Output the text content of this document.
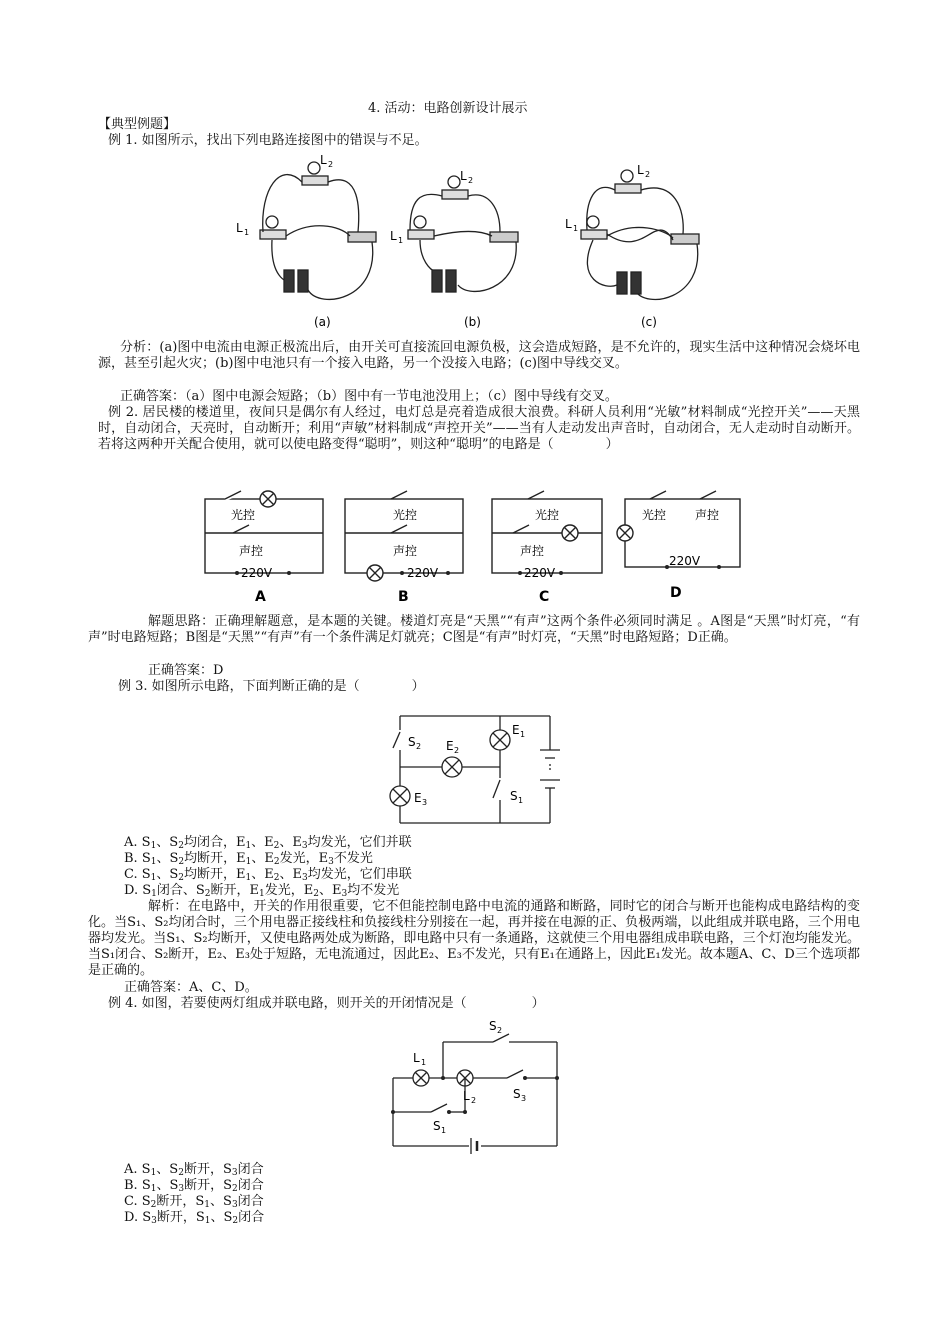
4. 活动：电路创新设计展示
【典型例题】
例 1. 如图所示，找出下列电路连接图中的错误与不足。
L 2
L 1
(a)
L 2
L 1
(b)
L 2
L 1
(c)
分析：(a)图中电流由电源正极流出后，由开关可直接流回电源负极，这会造成短路，是不允许的，现实生活中这种情况会烧坏电源，甚至引起火灾；(b)图中电池只有一个接入电路，另一个没接入电路；(c)图中导线交叉。
正确答案：（a）图中电源会短路；（b）图中有一节电池没用上；（c）图中导线有交叉。
例 2. 居民楼的楼道里，夜间只是偶尔有人经过，电灯总是亮着造成很大浪费。科研人员利用“光敏”材料制成“光控开关”——天黑时，自动闭合，天亮时，自动断开；利用“声敏”材料制成“声控开关”——当有人走动发出声音时，自动闭合，无人走动时自动断开。若将这两种开关配合使用，就可以使电路变得“聪明”，则这种“聪明”的电路是（　　　　）
光控
声控
220V
光控
声控
220V
光控
声控
220V
光控 声控
220V
A	B	C	D
解题思路：正确理解题意，是本题的关键。楼道灯亮是“天黑”“有声”这两个条件必须同时满足 。A图是“天黑”时灯亮，“有声”时电路短路；B图是“天黑”“有声”有一个条件满足灯就亮；C图是“有声”时灯亮，“天黑”时电路短路；D正确。
正确答案：D
例 3. 如图所示电路，下面判断正确的是（　　　　）
S 2 E 2
E 1
E 3	S 1
A. $S_1$、$S_2$均闭合，$E_1$、$E_2$、$E_3$均发光，它们并联
B. $S_1$、$S_2$均断开，$E_1$、$E_2$发光，$E_3$不发光
C. $S_1$、$S_2$均断开，$E_1$、$E_2$、$E_3$均发光，它们串联
D. $S_1$闭合、$S_2$断开，$E_1$发光，$E_2$、$E_3$均不发光
解析：在电路中，开关的作用很重要，它不但能控制电路中电流的通路和断路，同时它的闭合与断开也能构成电路结构的变化。当S₁、S₂均闭合时，三个用电器正接线柱和负接线柱分别接在一起，再并接在电源的正、负极两端，以此组成并联电路，三个用电器均发光。当S₁、S₂均断开，又使电路两处成为断路，即电路中只有一条通路，这就使三个用电器组成串联电路，三个灯泡均能发光。当S₁闭合、S₂断开，E₂、E₃处于短路，无电流通过，因此E₂、E₃不发光，只有E₁在通路上，因此E₁发光。故本题A、C、D三个选项都是正确的。
正确答案：A、C、D。
例 4. 如图，若要使两灯组成并联电路，则开关的开闭情况是（　　　　　）
S 2
L 1
L 2	S 3
S 1
A. $S_1$、$S_2$断开，$S_3$闭合
B. $S_1$、$S_3$断开，$S_2$闭合
C. $S_2$断开，$S_1$、$S_3$闭合
D. $S_3$断开，$S_1$、$S_2$闭合
